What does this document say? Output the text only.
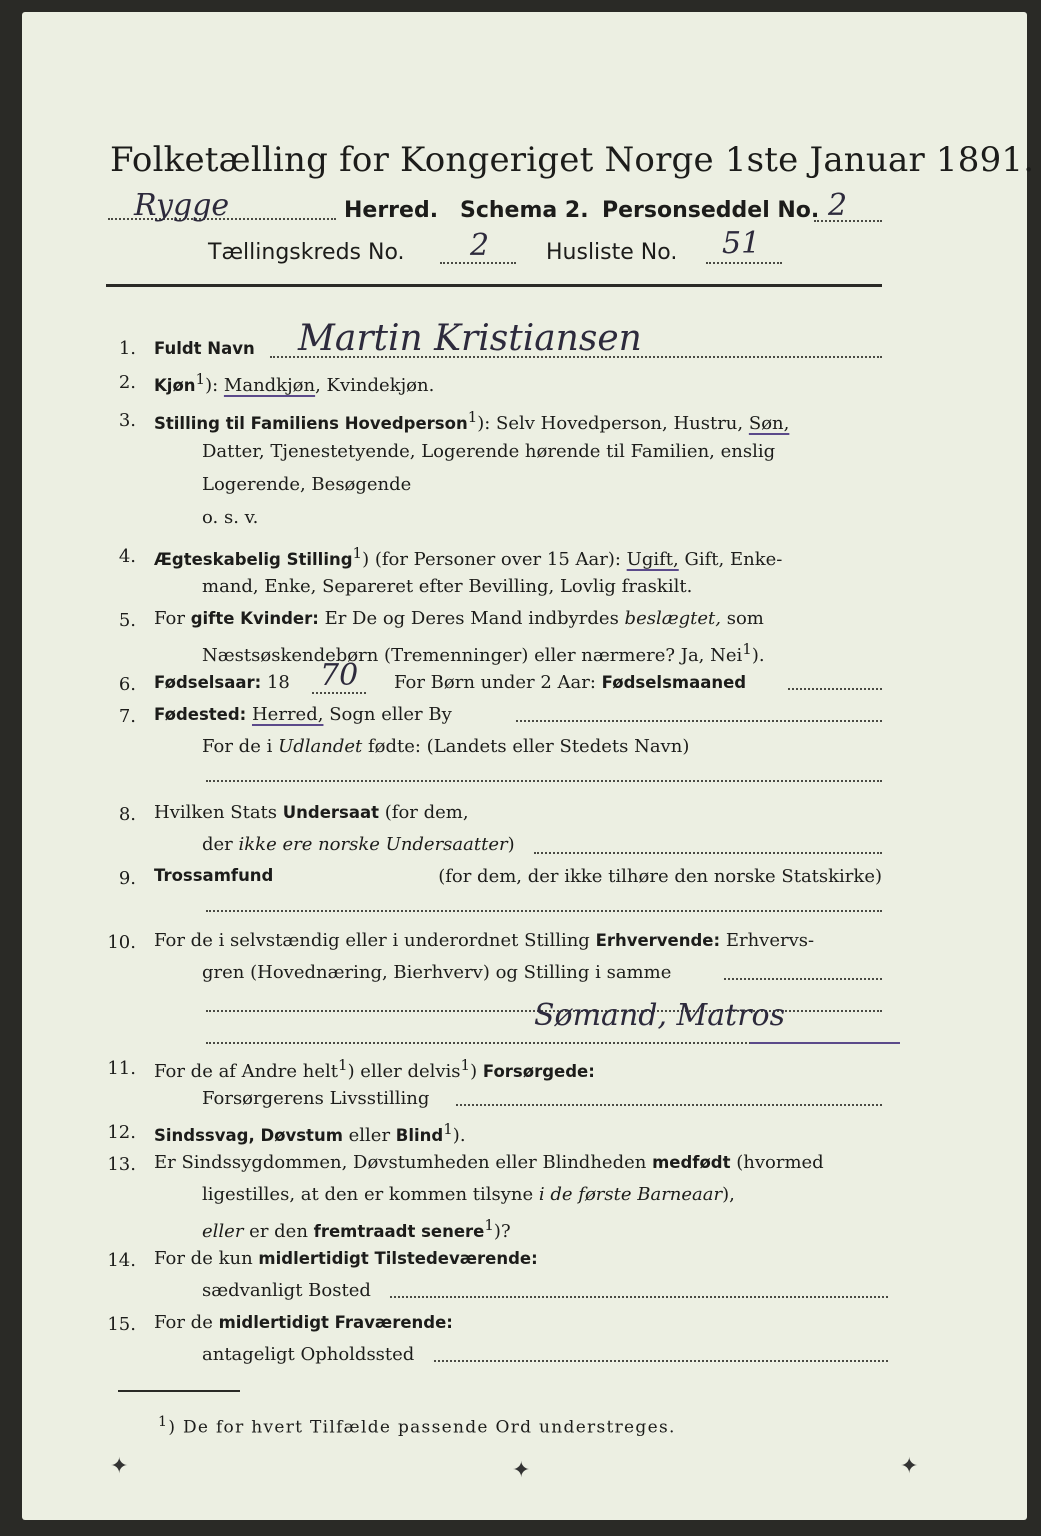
Folketælling for Kongeriget Norge 1ste Januar 1891.
Rygge	Herred. Schema 2. Personseddel No. 2
Tællingskreds No. 2	Husliste No. 51
1. Fuldt Navn Martin Kristiansen
2. Kjøn$^1$): Mandkjøn, Kvindekjøn.
3. Stilling til Familiens Hovedperson$^1$): Selv Hovedperson, Hustru, Søn,
Datter, Tjenestetyende, Logerende hørende til Familien, enslig
Logerende, Besøgende
o. s. v.
4. Ægteskabelig Stilling$^1$) (for Personer over 15 Aar): Ugift, Gift, Enke-
mand, Enke, Separeret efter Bevilling, Lovlig fraskilt.
5. For gifte Kvinder: Er De og Deres Mand indbyrdes beslægtet, som
Næstsøskendebørn (Tremenninger) eller nærmere? Ja, Nei$^1$).
6. Fødselsaar: 18 70 For Børn under 2 Aar: Fødselsmaaned
7. Fødested: Herred, Sogn eller By
For de i Udlandet fødte: (Landets eller Stedets Navn)
8. Hvilken Stats Undersaat (for dem,
der ikke ere norske Undersaatter)
9. Trossamfund	(for dem, der ikke tilhøre den norske Statskirke)
10. For de i selvstændig eller i underordnet Stilling Erhvervende: Erhvervs-
gren (Hovednæring, Bierhverv) og Stilling i samme
Sømand, Matros
11. For de af Andre helt$^1$) eller delvis$^1$) Forsørgede:
Forsørgerens Livsstilling
12. Sindssvag, Døvstum eller Blind$^1$).
13. Er Sindssygdommen, Døvstumheden eller Blindheden medfødt (hvormed
ligestilles, at den er kommen tilsyne i de første Barneaar),
eller er den fremtraadt senere$^1$)?
14. For de kun midlertidigt Tilstedeværende:
sædvanligt Bosted
15. For de midlertidigt Fraværende:
antageligt Opholdssted
$^1$) De for hvert Tilfælde passende Ord understreges.
✦	✦	✦
